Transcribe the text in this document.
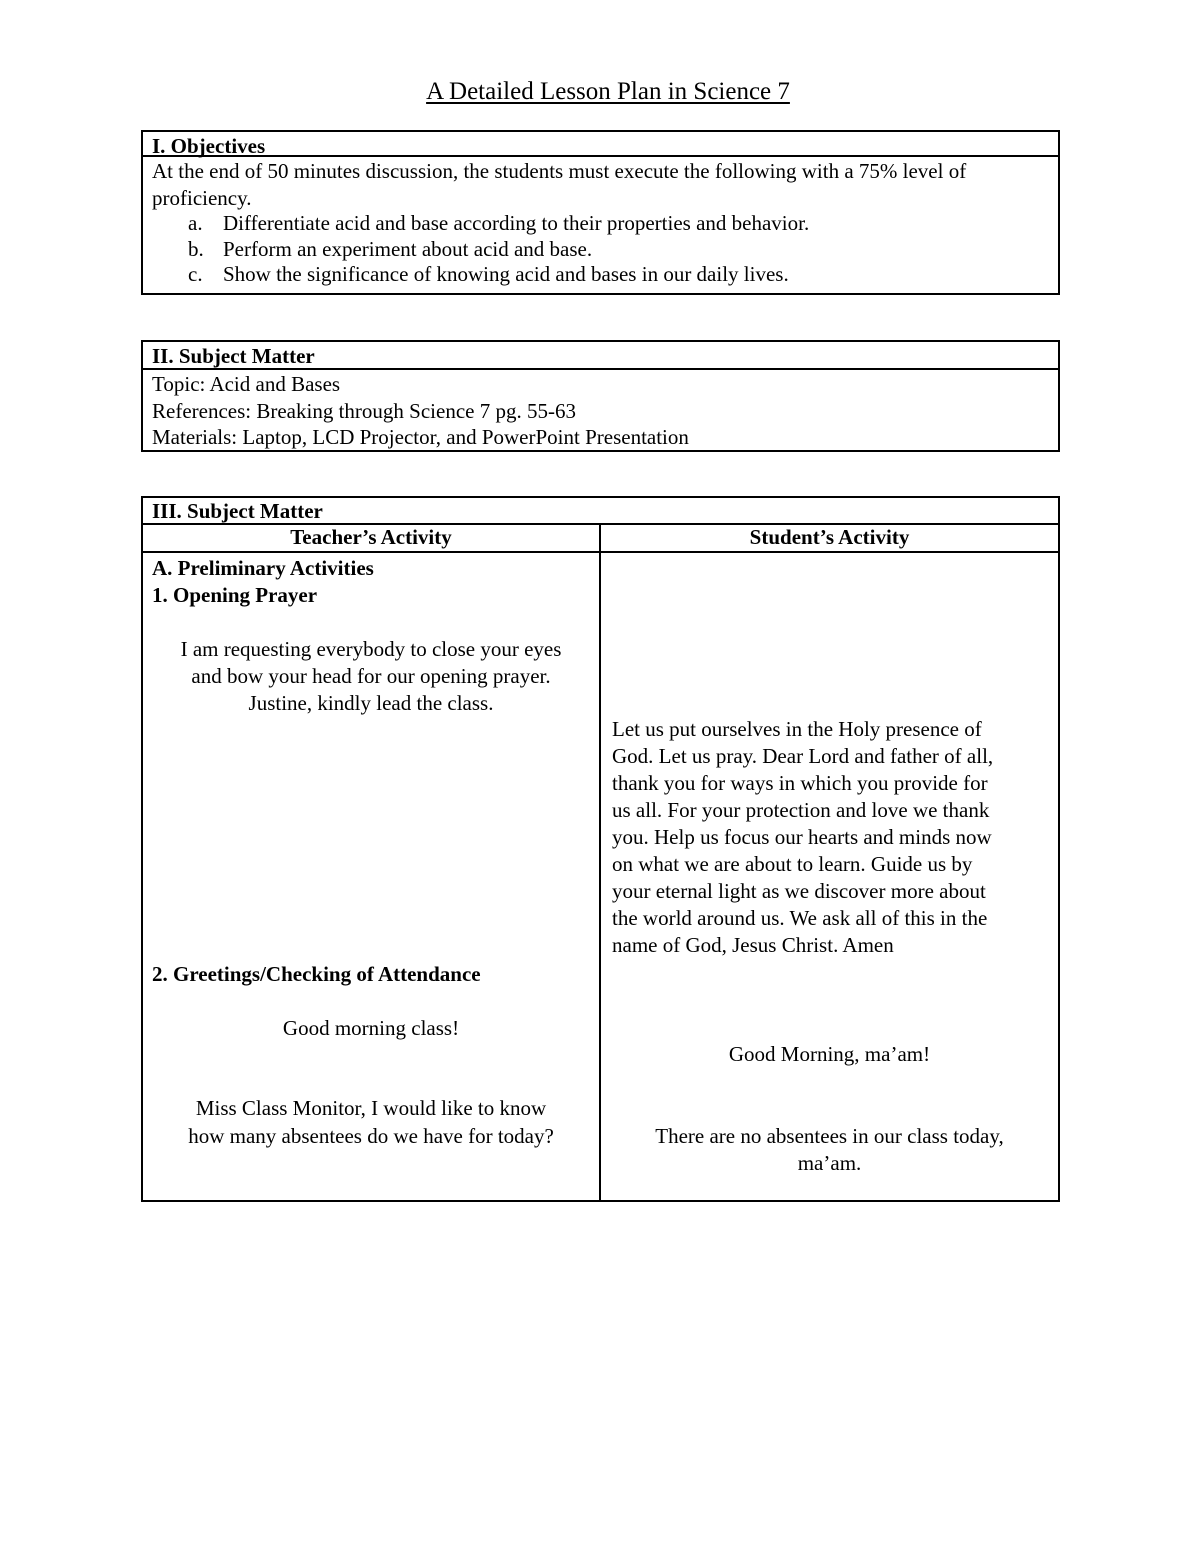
A Detailed Lesson Plan in Science 7
I. Objectives
At the end of 50 minutes discussion, the students must execute the following with a 75% level of proficiency.
a. Differentiate acid and base according to their properties and behavior.
b. Perform an experiment about acid and base.
c. Show the significance of knowing acid and bases in our daily lives.
II. Subject Matter
Topic: Acid and Bases
References: Breaking through Science 7 pg. 55-63
Materials: Laptop, LCD Projector, and PowerPoint Presentation
III. Subject Matter
Teacher’s Activity	Student’s Activity
A. Preliminary Activities
1. Opening Prayer
I am requesting everybody to close your eyes
and bow your head for our opening prayer.
Justine, kindly lead the class.
2. Greetings/Checking of Attendance
Good morning class!
Miss Class Monitor, I would like to know
how many absentees do we have for today?
Let us put ourselves in the Holy presence of
God. Let us pray. Dear Lord and father of all,
thank you for ways in which you provide for
us all. For your protection and love we thank
you. Help us focus our hearts and minds now
on what we are about to learn. Guide us by
your eternal light as we discover more about
the world around us. We ask all of this in the
name of God, Jesus Christ. Amen
Good Morning, ma’am!
There are no absentees in our class today,
ma’am.
